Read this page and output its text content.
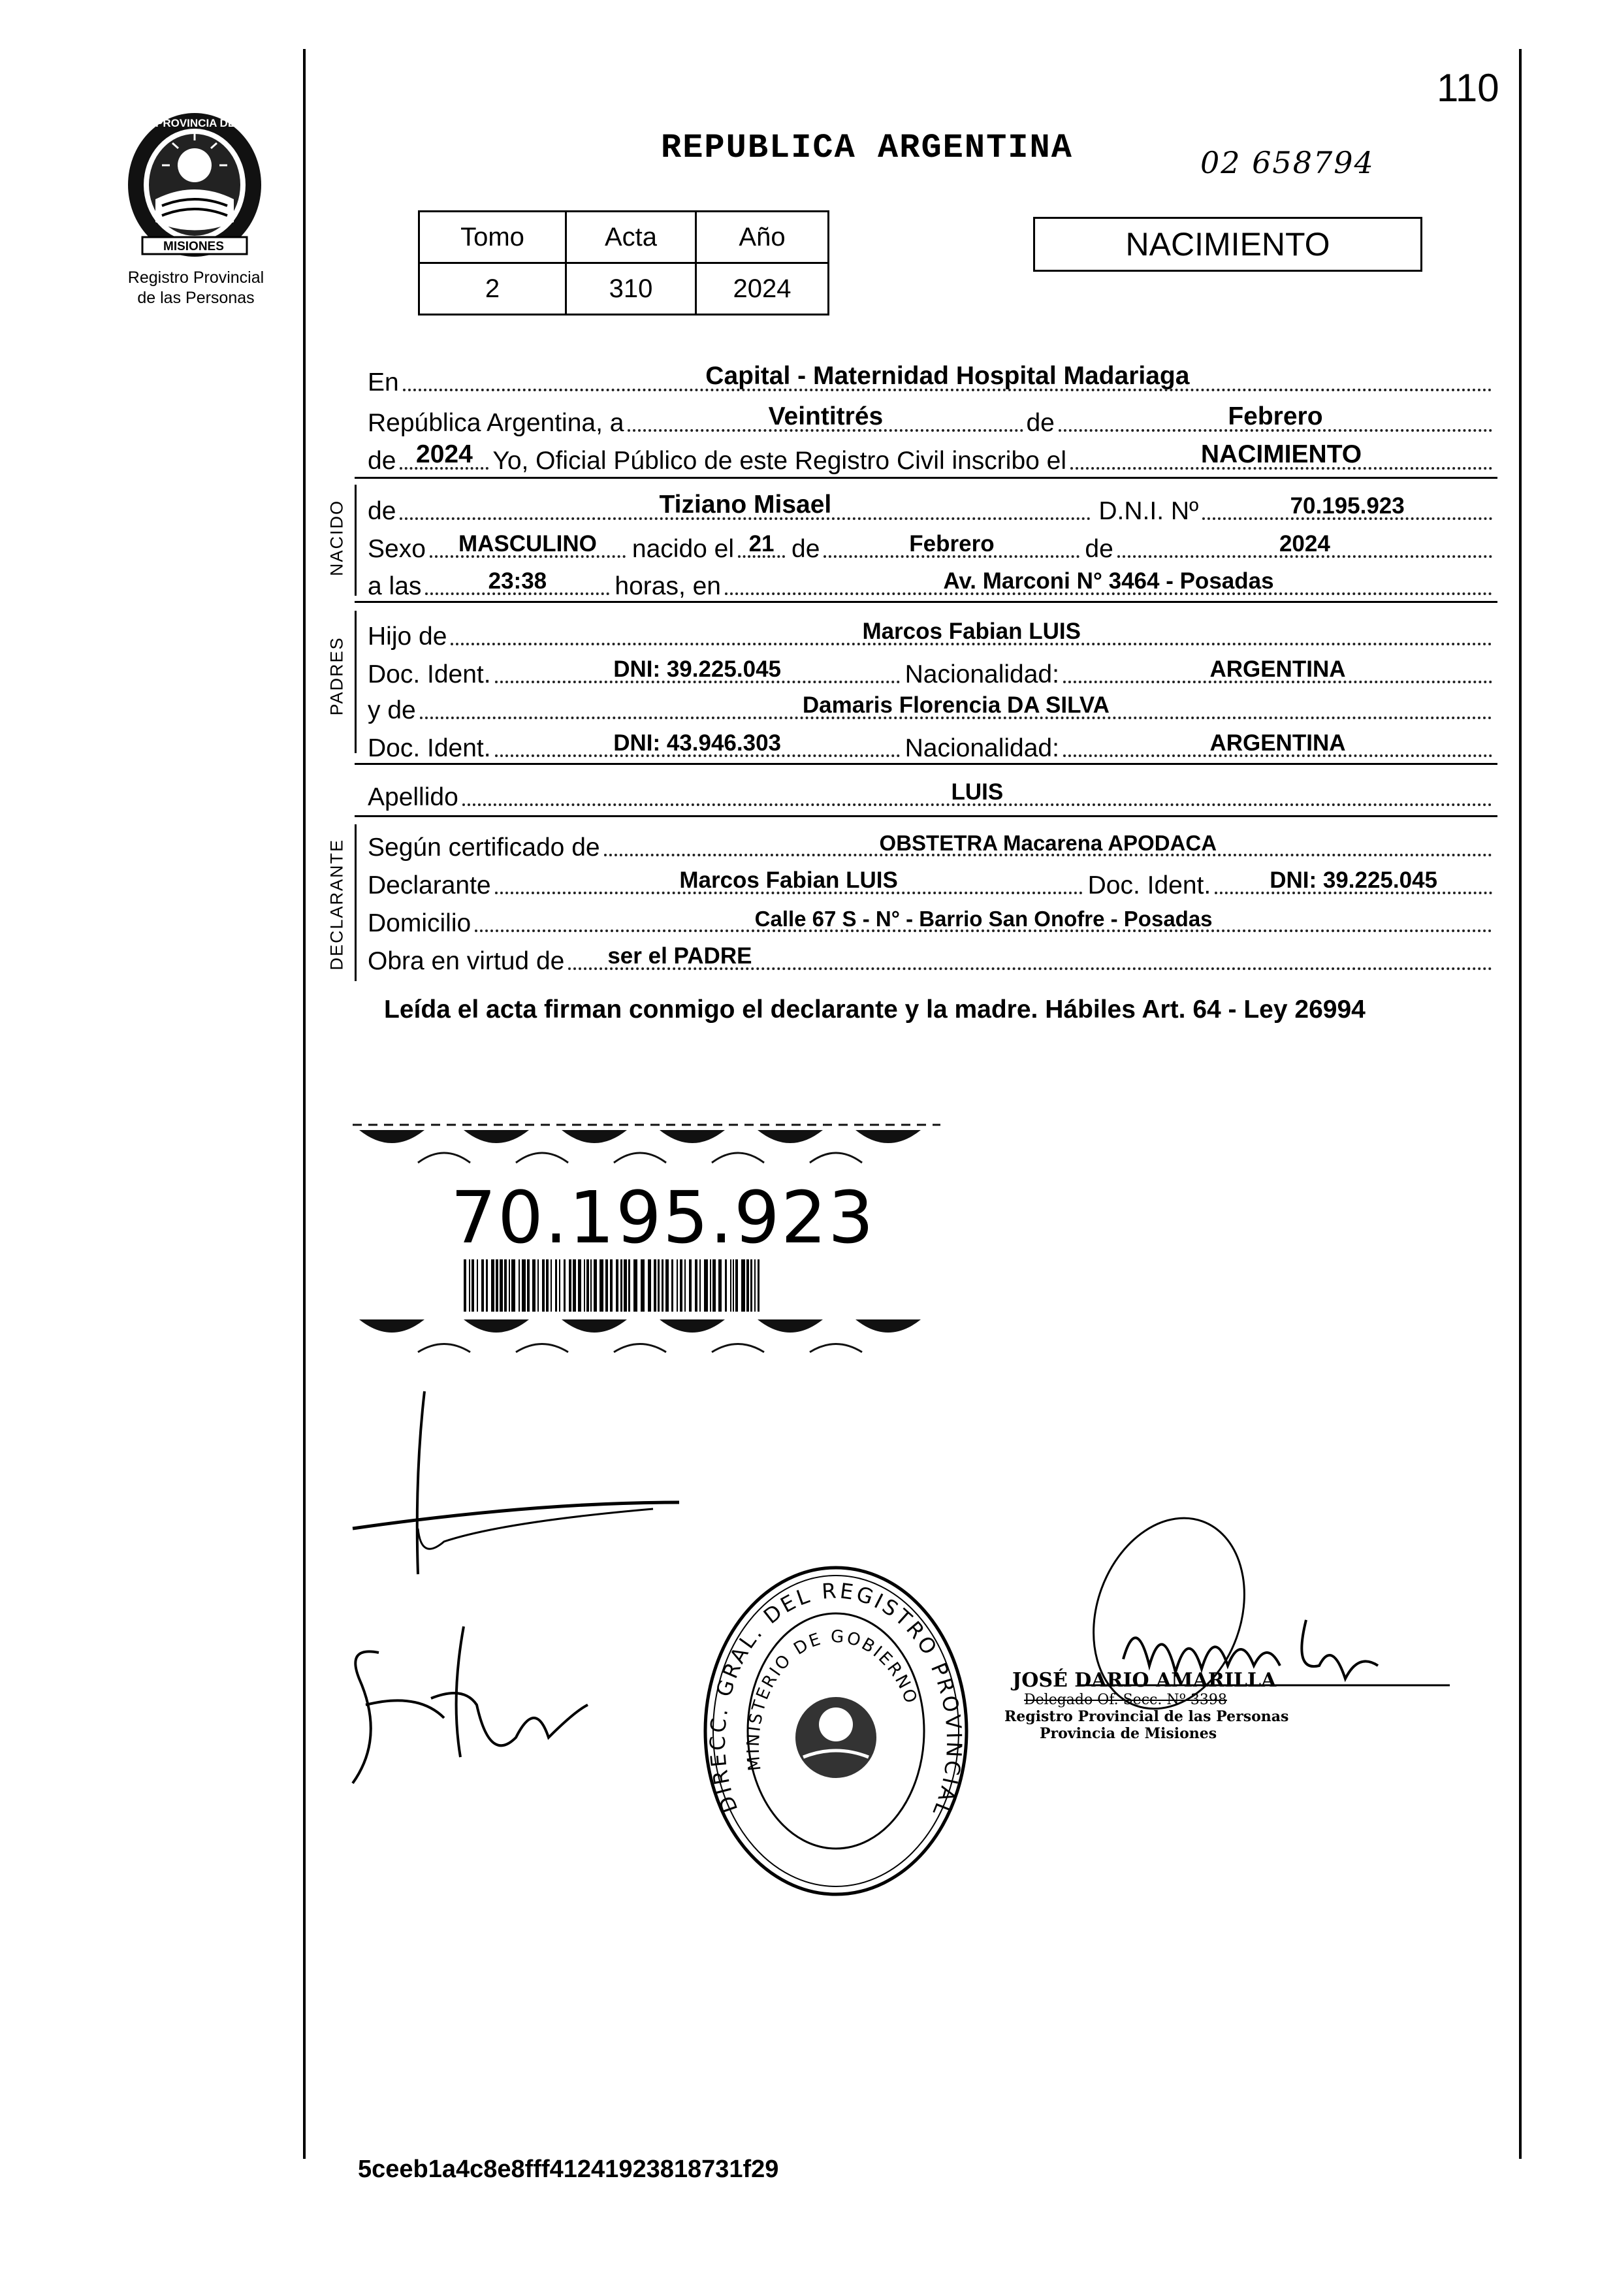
110
PROVINCIA DE
MISIONES
Registro Provincial
de las Personas
REPUBLICA ARGENTINA	02 658794
Tomo	Acta	Año
2	310	2024
NACIMIENTO
En	Capital - Maternidad Hospital Madariaga
República Argentina, a	Veintitrés	de	Febrero
de 2024 Yo, Oficial Público de este Registro Civil inscribo el	NACIMIENTO
NACIDO de	Tiziano Misael	D.N.I. Nº	70.195.923
Sexo	MASCULINO	nacido el 21 de	Febrero	de	2024
a las	23:38	horas, en	Av. Marconi N° 3464 - Posadas
PADRES Hijo de	Marcos Fabian LUIS
Doc. Ident.	DNI: 39.225.045	Nacionalidad:	ARGENTINA
y de	Damaris Florencia DA SILVA
Doc. Ident.	DNI: 43.946.303	Nacionalidad:	ARGENTINA
Apellido	LUIS
DECLARANTE Según certificado de	OBSTETRA Macarena APODACA
Declarante	Marcos Fabian LUIS	Doc. Ident.	DNI: 39.225.045
Domicilio	Calle 67 S - N° - Barrio San Onofre - Posadas
Obra en virtud de ser el PADRE
Leída el acta firman conmigo el declarante y la madre. Hábiles Art. 64 - Ley 26994
70.195.923
DIRECC. GRAL. DEL REGISTRO PROVINCIAL
MINISTERIO DE GOBIERNO
JOSÉ DARIO AMARILLA
Delegado Of. Secc. Nº 3398
Registro Provincial de las Personas
Provincia de Misiones
5ceeb1a4c8e8fff41241923818731f29
